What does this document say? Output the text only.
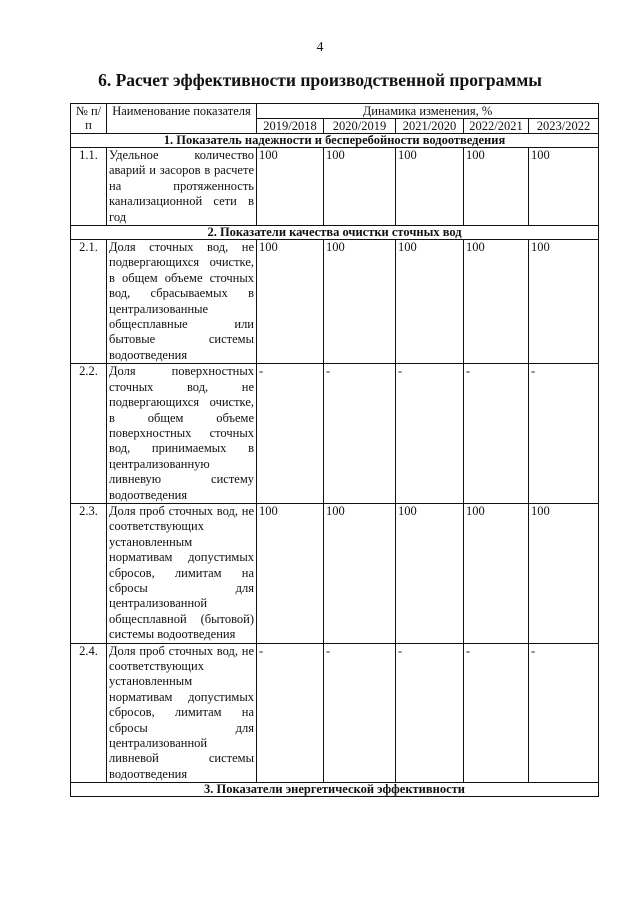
4
6. Расчет эффективности производственной программы
№ п/п	Наименование показателя	Динамика изменения, %				
		2019/2018	2020/2019	2021/2020	2022/2021	2023/2022
1. Показатель надежности и бесперебойности водоотведения						
1.1.	Удельное количество аварий и засоров в расчете на протяженность канализационной сети в год	100	100	100	100	100
2. Показатели качества очистки сточных вод						
2.1.	Доля сточных вод, не подвергающихся очистке, в общем объеме сточных вод, сбрасываемых в централизованные общесплавные или бытовые системы водоотведения	100	100	100	100	100
2.2.	Доля поверхностных сточных вод, не подвергающихся очистке, в общем объеме поверхностных сточных вод, принимаемых в централизованную ливневую систему водоотведения	-	-	-	-	-
2.3.	Доля проб сточных вод, не соответствующих установленным нормативам допустимых сбросов, лимитам на сбросы для централизованной общесплавной (бытовой) системы водоотведения	100	100	100	100	100
2.4.	Доля проб сточных вод, не соответствующих установленным нормативам допустимых сбросов, лимитам на сбросы для централизованной ливневой системы водоотведения	-	-	-	-	-
3. Показатели энергетической эффективности						
